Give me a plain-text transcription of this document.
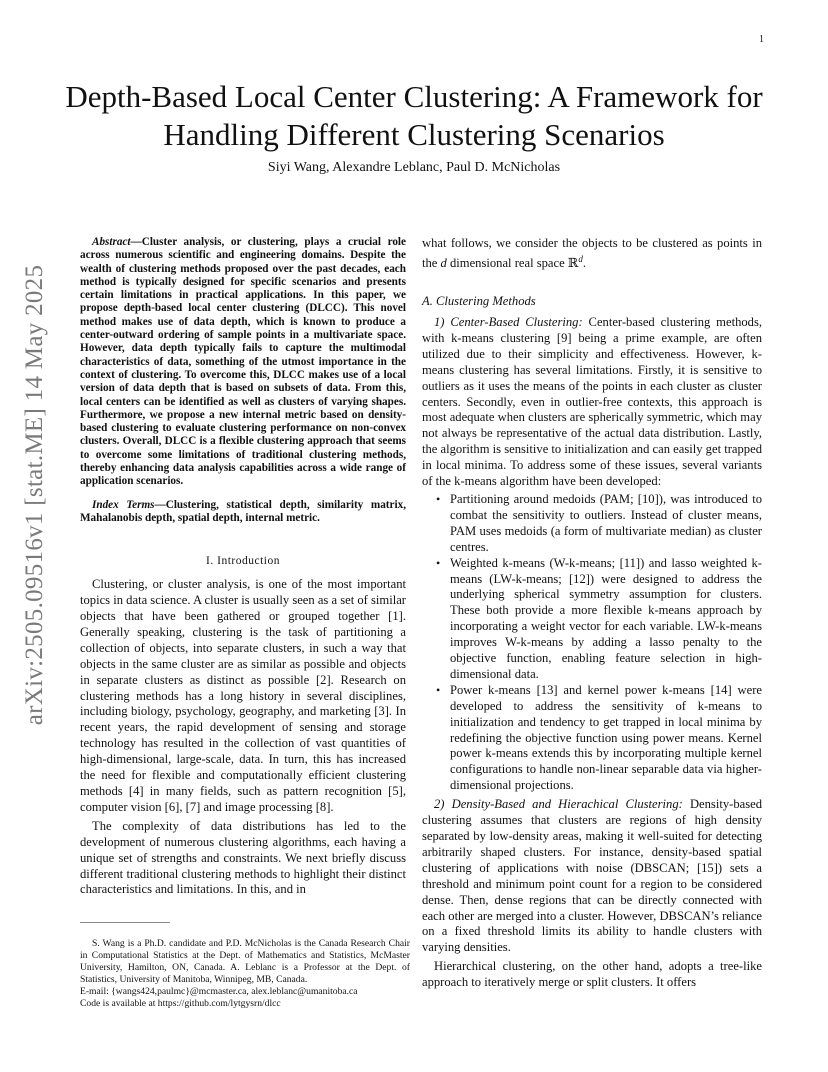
1
arXiv:2505.09516v1 [stat.ME] 14 May 2025
Depth-Based Local Center Clustering: A Framework for Handling Different Clustering Scenarios
Siyi Wang, Alexandre Leblanc, Paul D. McNicholas

Abstract—Cluster analysis, or clustering, plays a crucial role across numerous scientific and engineering domains. Despite the wealth of clustering methods proposed over the past decades, each method is typically designed for specific scenarios and presents certain limitations in practical applications. In this paper, we propose depth-based local center clustering (DLCC). This novel method makes use of data depth, which is known to produce a center-outward ordering of sample points in a multivariate space. However, data depth typically fails to capture the multimodal characteristics of data, something of the utmost importance in the context of clustering. To overcome this, DLCC makes use of a local version of data depth that is based on subsets of data. From this, local centers can be identified as well as clusters of varying shapes. Furthermore, we propose a new internal metric based on density-based clustering to evaluate clustering performance on non-convex clusters. Overall, DLCC is a flexible clustering approach that seems to overcome some limitations of traditional clustering methods, thereby enhancing data analysis capabilities across a wide range of application scenarios.

Index Terms—Clustering, statistical depth, similarity matrix, Mahalanobis depth, spatial depth, internal metric.

I. Introduction

Clustering, or cluster analysis, is one of the most important topics in data science. A cluster is usually seen as a set of similar objects that have been gathered or grouped together [1]. Generally speaking, clustering is the task of partitioning a collection of objects, into separate clusters, in such a way that objects in the same cluster are as similar as possible and objects in separate clusters as distinct as possible [2]. Research on clustering methods has a long history in several disciplines, including biology, psychology, geography, and marketing [3]. In recent years, the rapid development of sensing and storage technology has resulted in the collection of vast quantities of high-dimensional, large-scale, data. In turn, this has increased the need for flexible and computationally efficient clustering methods [4] in many fields, such as pattern recognition [5], computer vision [6], [7] and image processing [8].

The complexity of data distributions has led to the development of numerous clustering algorithms, each having a unique set of strengths and constraints. We next briefly discuss different traditional clustering methods to highlight their distinct characteristics and limitations. In this, and in

what follows, we consider the objects to be clustered as points in the d dimensional real space ℝ$^d$.

A. Clustering Methods

1) Center-Based Clustering: Center-based clustering methods, with k-means clustering [9] being a prime example, are often utilized due to their simplicity and effectiveness. However, k-means clustering has several limitations. Firstly, it is sensitive to outliers as it uses the means of the points in each cluster as cluster centers. Secondly, even in outlier-free contexts, this approach is most adequate when clusters are spherically symmetric, which may not always be representative of the actual data distribution. Lastly, the algorithm is sensitive to initialization and can easily get trapped in local minima. To address some of these issues, several variants of the k-means algorithm have been developed:

• Partitioning around medoids (PAM; [10]), was introduced to combat the sensitivity to outliers. Instead of cluster means, PAM uses medoids (a form of multivariate median) as cluster centres.
• Weighted k-means (W-k-means; [11]) and lasso weighted k-means (LW-k-means; [12]) were designed to address the underlying spherical symmetry assumption for clusters. These both provide a more flexible k-means approach by incorporating a weight vector for each variable. LW-k-means improves W-k-means by adding a lasso penalty to the objective function, enabling feature selection in high-dimensional data.
• Power k-means [13] and kernel power k-means [14] were developed to address the sensitivity of k-means to initialization and tendency to get trapped in local minima by redefining the objective function using power means. Kernel power k-means extends this by incorporating multiple kernel configurations to handle non-linear separable data via higher-dimensional projections.

2) Density-Based and Hierachical Clustering: Density-based clustering assumes that clusters are regions of high density separated by low-density areas, making it well-suited for detecting arbitrarily shaped clusters. For instance, density-based spatial clustering of applications with noise (DBSCAN; [15]) sets a threshold and minimum point count for a region to be considered dense. Then, dense regions that can be directly connected with each other are merged into a cluster. However, DBSCAN’s reliance on a fixed threshold limits its ability to handle clusters with varying densities.

Hierarchical clustering, on the other hand, adopts a tree-like approach to iteratively merge or split clusters. It offers

S. Wang is a Ph.D. candidate and P.D. McNicholas is the Canada Research Chair in Computational Statistics at the Dept. of Mathematics and Statistics, McMaster University, Hamilton, ON, Canada. A. Leblanc is a Professor at the Dept. of Statistics, University of Manitoba, Winnipeg, MB, Canada.
E-mail: {wangs424,paulmc}@mcmaster.ca, alex.leblanc@umanitoba.ca
Code is available at https://github.com/lytgysrn/dlcc
